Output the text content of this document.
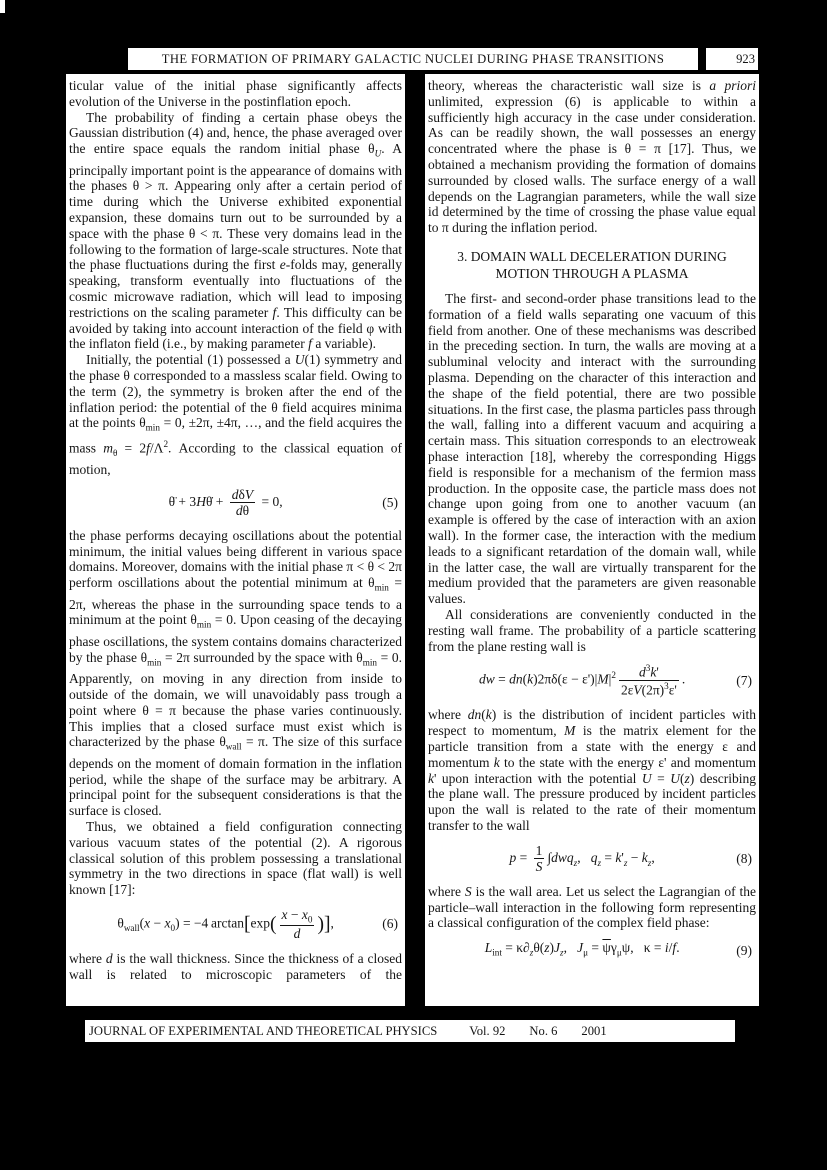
THE FORMATION OF PRIMARY GALACTIC NUCLEI DURING PHASE TRANSITIONS	923

ticular value of the initial phase significantly affects evolution of the Universe in the postinflation epoch.

The probability of finding a certain phase obeys the Gaussian distribution (4) and, hence, the phase averaged over the entire space equals the random initial phase $\theta_U$. A principally important point is the appearance of domains with the phases θ > π. Appearing only after a certain period of time during which the Universe exhibited exponential expansion, these domains turn out to be surrounded by a space with the phase θ < π. These very domains lead in the following to the formation of large-scale structures. Note that the phase fluctuations during the first e-folds may, generally speaking, transform eventually into fluctuations of the cosmic microwave radiation, which will lead to imposing restrictions on the scaling parameter f. This difficulty can be avoided by taking into account interaction of the field φ with the inflaton field (i.e., by making parameter f a variable).

Initially, the potential (1) possessed a U(1) symmetry and the phase θ corresponded to a massless scalar field. Owing to the term (2), the symmetry is broken after the end of the inflation period: the potential of the θ field acquires minima at the points $\theta_{min} = 0$, ±2π, ±4π, …, and the field acquires the mass $m_\theta = 2f/\Lambda^2$. According to the classical equation of motion,

θ̈ + 3Hθ̇ + $\frac{\text{dδV}}{d\theta} = 0$,	(5)

the phase performs decaying oscillations about the potential minimum, the initial values being different in various space domains. Moreover, domains with the initial phase π < θ < 2π perform oscillations about the potential minimum at $\theta_{min} = 2\pi$, whereas the phase in the surrounding space tends to a minimum at the point $\theta_{min} = 0$. Upon ceasing of the decaying phase oscillations, the system contains domains characterized by the phase $\theta_{min} = 2\pi$ surrounded by the space with $\theta_{min} = 0$. Apparently, on moving in any direction from inside to outside of the domain, we will unavoidably pass trough a point where θ = π because the phase varies continuously. This implies that a closed surface must exist which is characterized by the phase $\theta_{wall} = \pi$. The size of this surface depends on the moment of domain formation in the inflation period, while the shape of the surface may be arbitrary. A principal point for the subsequent considerations is that the surface is closed.

Thus, we obtained a field configuration connecting various vacuum states of the potential (2). A rigorous classical solution of this problem possessing a translational symmetry in the two directions in space (flat wall) is well known [17]:

$\theta_{wall}(x - x_0) = -4$ $\arctan[\exp( \frac{x - x_0}{d}$ )],	(6)

where d is the wall thickness. Since the thickness of a closed wall is related to microscopic parameters of the

theory, whereas the characteristic wall size is a priori unlimited, expression (6) is applicable to within a sufficiently high accuracy in the case under consideration. As can be readily shown, the wall possesses an energy concentrated where the phase is θ = π [17]. Thus, we obtained a mechanism providing the formation of domains surrounded by closed walls. The surface energy of a wall depends on the Lagrangian parameters, while the wall size id determined by the time of crossing the phase value equal to π during the inflation period.

3. DOMAIN WALL DECELERATION DURING
MOTION THROUGH A PLASMA

The first- and second-order phase transitions lead to the formation of a field walls separating one vacuum of this field from another. One of these mechanisms was described in the preceding section. In turn, the walls are moving at a subluminal velocity and interact with the surrounding plasma. Depending on the character of this interaction and the shape of the field potential, there are two possible situations. In the first case, the plasma particles pass through the wall, falling into a different vacuum and acquiring a certain mass. This situation corresponds to an electroweak phase interaction [18], whereby the corresponding Higgs field is responsible for a mechanism of the fermion mass production. In the opposite case, the particle mass does not change upon going from one to another vacuum (an example is offered by the case of interaction with an axion wall). In the former case, the interaction with the medium leads to a significant retardation of the domain wall, while in the latter case, the wall are virtually transparent for the medium provided that the parameters are given reasonable values.

All considerations are conveniently conducted in the resting wall frame. The probability of a particle scattering from the plane resting wall is

dw = $dn(k)2\pi\delta(\varepsilon - \varepsilon')|M|^2 \frac{d^3k'}{2\varepsilon V(2\pi)^3\varepsilon'}$ .	(7)

where dn(k) is the distribution of incident particles with respect to momentum, M is the matrix element for the particle transition from a state with the energy ε and momentum k to the state with the energy ε' and momentum k' upon interaction with the potential U = U(z) describing the plane wall. The pressure produced by incident particles upon the wall is related to the rate of their momentum transfer to the wall

$p = \frac{1}{S} \int dwq_z$,   $q_z = k'_z - k_z$,	(8)

where S is the wall area. Let us select the Lagrangian of the particle–wall interaction in the following form representing a classical configuration of the complex field phase:

$L_{int} = \kappa\partial_z\theta(z)J_z$,   $J_\mu = \overline{\psi}\gamma_\mu\psi$,   κ = i/f.	(9)
JOURNAL OF EXPERIMENTAL AND THEORETICAL PHYSICS	Vol. 92 No. 6 2001
